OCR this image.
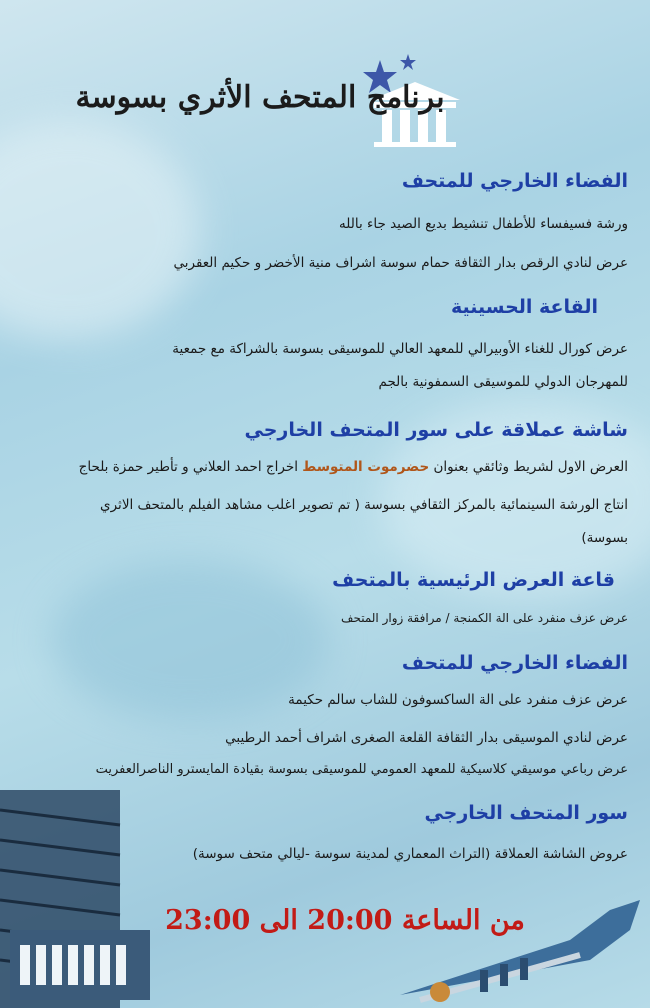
برنامج المتحف الأثري بسوسة
الفضاء الخارجي للمتحف
ورشة فسيفساء للأطفال تنشيط بديع الصيد جاء بالله
عرض لنادي الرقص بدار الثقافة حمام سوسة اشراف منية الأخضر و حكيم العقربي
القاعة الحسينية
عرض كورال للغناء الأوبيرالي للمعهد العالي للموسيقى بسوسة بالشراكة مع جمعية
للمهرجان الدولي للموسيقى السمفونية بالجم
شاشة عملاقة على سور المتحف الخارجي
العرض الاول لشريط وثائقي بعنوان حضرموت المتوسط اخراج احمد العلاني و تأطير حمزة بلحاج
انتاج الورشة السينمائية بالمركز الثقافي بسوسة ( تم تصوير اغلب مشاهد الفيلم بالمتحف الاثري
بسوسة)
قاعة العرض الرئيسية بالمتحف
عرض عزف منفرد على الة الكمنجة / مرافقة زوار المتحف
الفضاء الخارجي للمتحف
عرض عزف منفرد على الة الساكسوفون للشاب سالم حكيمة
عرض لنادي الموسيقى بدار الثقافة القلعة الصغرى اشراف أحمد الرطيبي
عرض رباعي موسيقي كلاسيكية للمعهد العمومي للموسيقى بسوسة بقيادة المايسترو الناصرالعفريت
سور المتحف الخارجي
عروض الشاشة العملاقة (التراث المعماري لمدينة سوسة -ليالي متحف سوسة)
من الساعة 20:00 الى 23:00
